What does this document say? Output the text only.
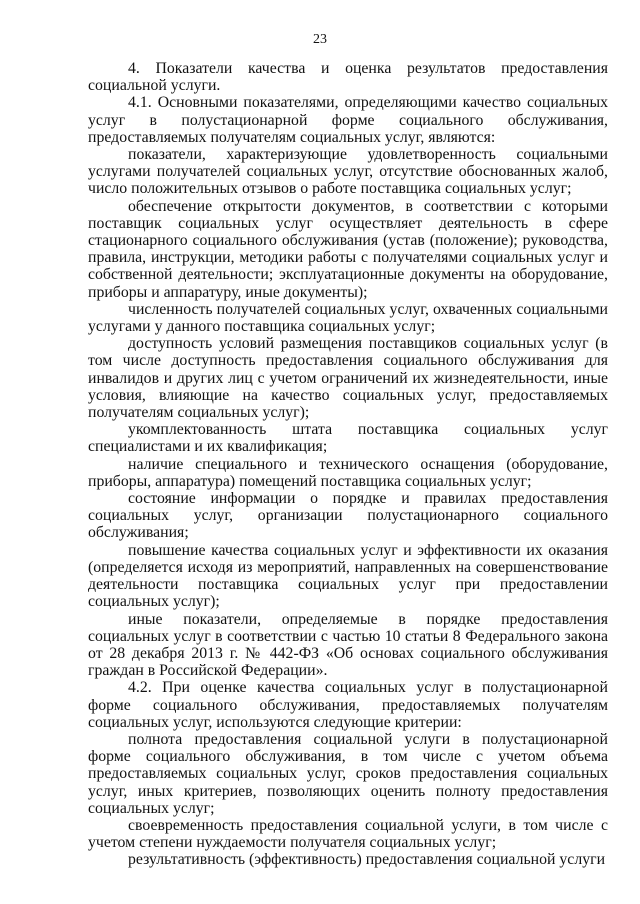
23

4. Показатели качества и оценка результатов предоставления социальной услуги.

4.1. Основными показателями, определяющими качество социальных услуг в полустационарной форме социального обслуживания, предоставляемых получателям социальных услуг, являются:

показатели, характеризующие удовлетворенность социальными услугами получателей социальных услуг, отсутствие обоснованных жалоб, число положительных отзывов о работе поставщика социальных услуг;

обеспечение открытости документов, в соответствии с которыми поставщик социальных услуг осуществляет деятельность в сфере стационарного социального обслуживания (устав (положение); руководства, правила, инструкции, методики работы с получателями социальных услуг и собственной деятельности; эксплуатационные документы на оборудование, приборы и аппаратуру, иные документы);

численность получателей социальных услуг, охваченных социальными услугами у данного поставщика социальных услуг;

доступность условий размещения поставщиков социальных услуг (в том числе доступность предоставления социального обслуживания для инвалидов и других лиц с учетом ограничений их жизнедеятельности, иные условия, влияющие на качество социальных услуг, предоставляемых получателям социальных услуг);

укомплектованность штата поставщика социальных услуг специалистами и их квалификация;

наличие специального и технического оснащения (оборудование, приборы, аппаратура) помещений поставщика социальных услуг;

состояние информации о порядке и правилах предоставления социальных услуг, организации полустационарного социального обслуживания;

повышение качества социальных услуг и эффективности их оказания (определяется исходя из мероприятий, направленных на совершенствование деятельности поставщика социальных услуг при предоставлении социальных услуг);

иные показатели, определяемые в порядке предоставления социальных услуг в соответствии с частью 10 статьи 8 Федерального закона от 28 декабря 2013 г. № 442-ФЗ «Об основах социального обслуживания граждан в Российской Федерации».

4.2. При оценке качества социальных услуг в полустационарной форме социального обслуживания, предоставляемых получателям социальных услуг, используются следующие критерии:

полнота предоставления социальной услуги в полустационарной форме социального обслуживания, в том числе с учетом объема предоставляемых социальных услуг, сроков предоставления социальных услуг, иных критериев, позволяющих оценить полноту предоставления социальных услуг;

своевременность предоставления социальной услуги, в том числе с учетом степени нуждаемости получателя социальных услуг;

результативность (эффективность) предоставления социальной услуги
